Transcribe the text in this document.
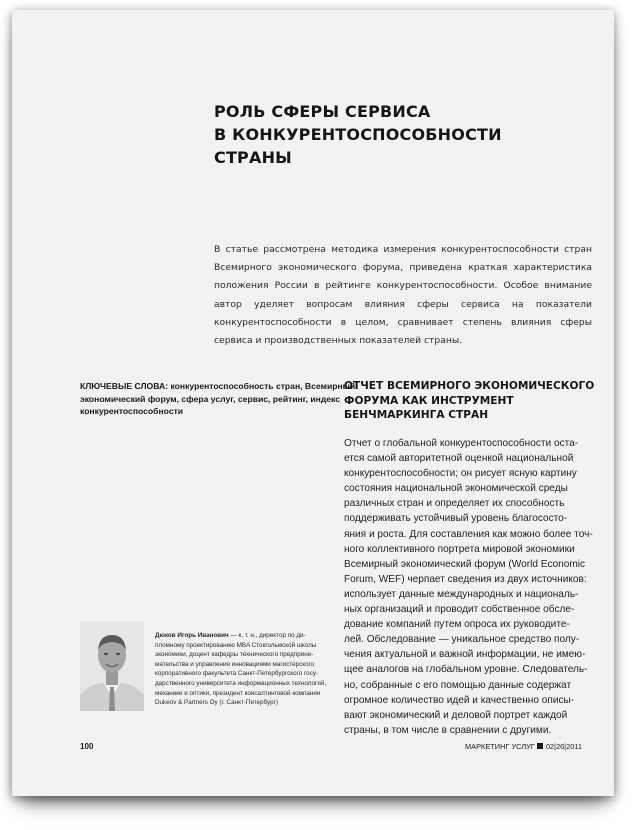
РОЛЬ СФЕРЫ СЕРВИСА
В КОНКУРЕНТОСПОСОБНОСТИ
СТРАНЫ
В статье рассмотрена методика измерения конкурентоспособности стран Всемирного экономического форума, приведена краткая характеристика положения России в рейтинге конкурентоспособности. Особое внимание автор уделяет вопросам влияния сферы сервиса на показатели конкурентоспособности в целом, сравнивает степень влияния сферы сервиса и производственных показателей страны.
КЛЮЧЕВЫЕ СЛОВА: конкурентоспособность стран, Всемирный
экономический форум, сфера услуг, сервис, рейтинг, индекс
конкурентоспособности
ОТЧЕТ ВСЕМИРНОГО ЭКОНОМИЧЕСКОГО
ФОРУМА КАК ИНСТРУМЕНТ
БЕНЧМАРКИНГА СТРАН
Отчет о глобальной конкурентоспособности оста-
ется самой авторитетной оценкой национальной
конкурентоспособности; он рисует ясную картину
состояния национальной экономической среды
различных стран и определяет их способность
поддерживать устойчивый уровень благососто-
яния и роста. Для составления как можно более точ-
ного коллективного портрета мировой экономики
Всемирный экономический форум (World Economic
Forum, WEF) черпает сведения из двух источников:
использует данные международных и националь-
ных организаций и проводит собственное обсле-
дование компаний путем опроса их руководите-
лей. Обследование — уникальное средство полу-
чения актуальной и важной информации, не имею-
щее аналогов на глобальном уровне. Следователь-
но, собранные с его помощью данные содержат
огромное количество идей и качественно описы-
вают экономический и деловой портрет каждой
страны, в том числе в сравнении с другими.
Дюков Игорь Иванович — к. т. н., директор по ди-
пломному проектированию MBA Стокгольмской школы
экономики, доцент кафедры технического предприни-
мательства и управления инновациями магистерского
корпоративного факультета Санкт-Петербургского госу-
дарственного университета информационных технологий,
механики и оптики, президент консалтинговой компании
Dukeov & Partners Oy (г. Санкт-Петербург)
100	МАРКЕТИНГ УСЛУГ 02|26|2011
